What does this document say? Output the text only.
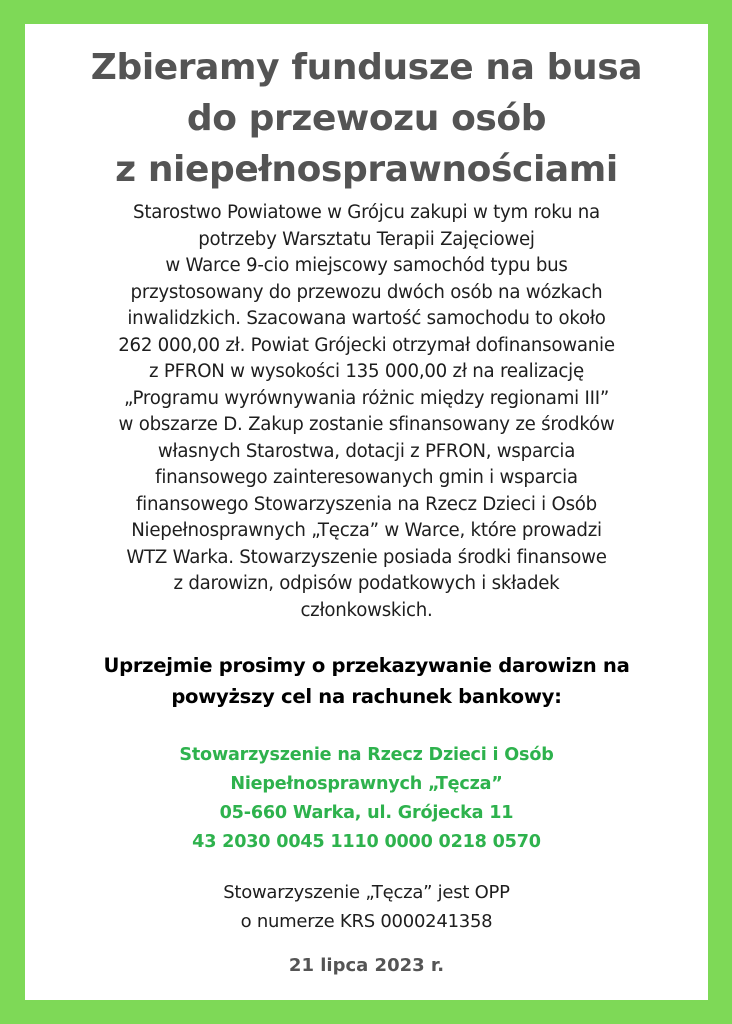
Zbieramy fundusze na busa
do przewozu osób
z niepełnosprawnościami
Starostwo Powiatowe w Grójcu zakupi w tym roku na
potrzeby Warsztatu Terapii Zajęciowej
w Warce 9-cio miejscowy samochód typu bus
przystosowany do przewozu dwóch osób na wózkach
inwalidzkich. Szacowana wartość samochodu to około
262 000,00 zł. Powiat Grójecki otrzymał dofinansowanie
z PFRON w wysokości 135 000,00 zł na realizację
„Programu wyrównywania różnic między regionami III”
w obszarze D. Zakup zostanie sfinansowany ze środków
własnych Starostwa, dotacji z PFRON, wsparcia
finansowego zainteresowanych gmin i wsparcia
finansowego Stowarzyszenia na Rzecz Dzieci i Osób
Niepełnosprawnych „Tęcza” w Warce, które prowadzi
WTZ Warka. Stowarzyszenie posiada środki finansowe
z darowizn, odpisów podatkowych i składek
członkowskich.
Uprzejmie prosimy o przekazywanie darowizn na
powyższy cel na rachunek bankowy:
Stowarzyszenie na Rzecz Dzieci i Osób
Niepełnosprawnych „Tęcza”
05-660 Warka, ul. Grójecka 11
43 2030 0045 1110 0000 0218 0570
Stowarzyszenie „Tęcza” jest OPP
o numerze KRS 0000241358
21 lipca 2023 r.
